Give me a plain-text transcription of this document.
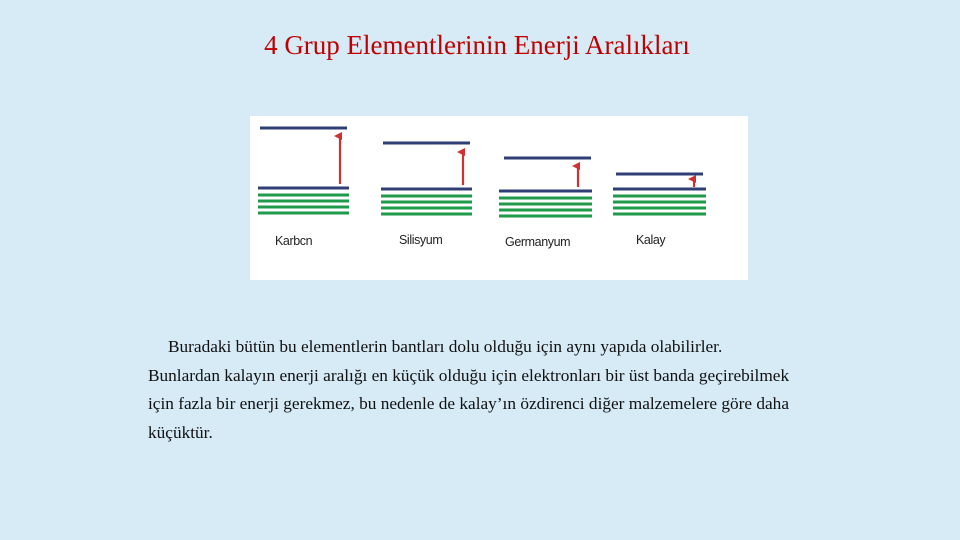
4 Grup Elementlerinin Enerji Aralıkları
Karbcn	Silisyum	Germanyum	Kalay

Buradaki bütün bu elementlerin bantları dolu olduğu için aynı yapıda olabilirler.

Bunlardan kalayın enerji aralığı en küçük olduğu için elektronları bir üst banda geçirebilmek

için fazla bir enerji gerekmez, bu nedenle de kalay’ın özdirenci diğer malzemelere göre daha

küçüktür.
